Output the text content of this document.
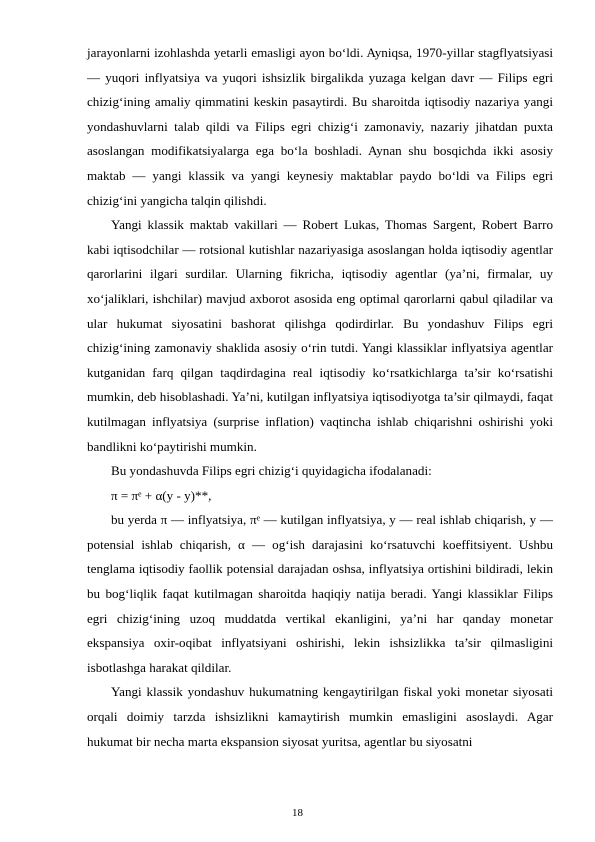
jarayonlarni izohlashda yetarli emasligi ayon bo‘ldi. Ayniqsa, 1970-yillar stagflyatsiyasi — yuqori inflyatsiya va yuqori ishsizlik birgalikda yuzaga kelgan davr — Filips egri chizig‘ining amaliy qimmatini keskin pasaytirdi. Bu sharoitda iqtisodiy nazariya yangi yondashuvlarni talab qildi va Filips egri chizig‘i zamonaviy, nazariy jihatdan puxta asoslangan modifikatsiyalarga ega bo‘la boshladi. Aynan shu bosqichda ikki asosiy maktab — yangi klassik va yangi keynesiy maktablar paydo bo‘ldi va Filips egri chizig‘ini yangicha talqin qilishdi.

Yangi klassik maktab vakillari — Robert Lukas, Thomas Sargent, Robert Barro kabi iqtisodchilar — rotsional kutishlar nazariyasiga asoslangan holda iqtisodiy agentlar qarorlarini ilgari surdilar. Ularning fikricha, iqtisodiy agentlar (ya’ni, firmalar, uy xo‘jaliklari, ishchilar) mavjud axborot asosida eng optimal qarorlarni qabul qiladilar va ular hukumat siyosatini bashorat qilishga qodirdirlar. Bu yondashuv Filips egri chizig‘ining zamonaviy shaklida asosiy o‘rin tutdi. Yangi klassiklar inflyatsiya agentlar kutganidan farq qilgan taqdirdagina real iqtisodiy ko‘rsatkichlarga ta’sir ko‘rsatishi mumkin, deb hisoblashadi. Ya’ni, kutilgan inflyatsiya iqtisodiyotga ta’sir qilmaydi, faqat kutilmagan inflyatsiya (surprise inflation) vaqtincha ishlab chiqarishni oshirishi yoki bandlikni ko‘paytirishi mumkin.

Bu yondashuvda Filips egri chizig‘i quyidagicha ifodalanadi:

π = πᵉ + α(y - y)**,

bu yerda π — inflyatsiya, πᵉ — kutilgan inflyatsiya, y — real ishlab chiqarish, y — potensial ishlab chiqarish, α — og‘ish darajasini ko‘rsatuvchi koeffitsiyent. Ushbu tenglama iqtisodiy faollik potensial darajadan oshsa, inflyatsiya ortishini bildiradi, lekin bu bog‘liqlik faqat kutilmagan sharoitda haqiqiy natija beradi. Yangi klassiklar Filips egri chizig‘ining uzoq muddatda vertikal ekanligini, ya’ni har qanday monetar ekspansiya oxir-oqibat inflyatsiyani oshirishi, lekin ishsizlikka ta’sir qilmasligini isbotlashga harakat qildilar.

Yangi klassik yondashuv hukumatning kengaytirilgan fiskal yoki monetar siyosati orqali doimiy tarzda ishsizlikni kamaytirish mumkin emasligini asoslaydi. Agar hukumat bir necha marta ekspansion siyosat yuritsa, agentlar bu siyosatni

18
